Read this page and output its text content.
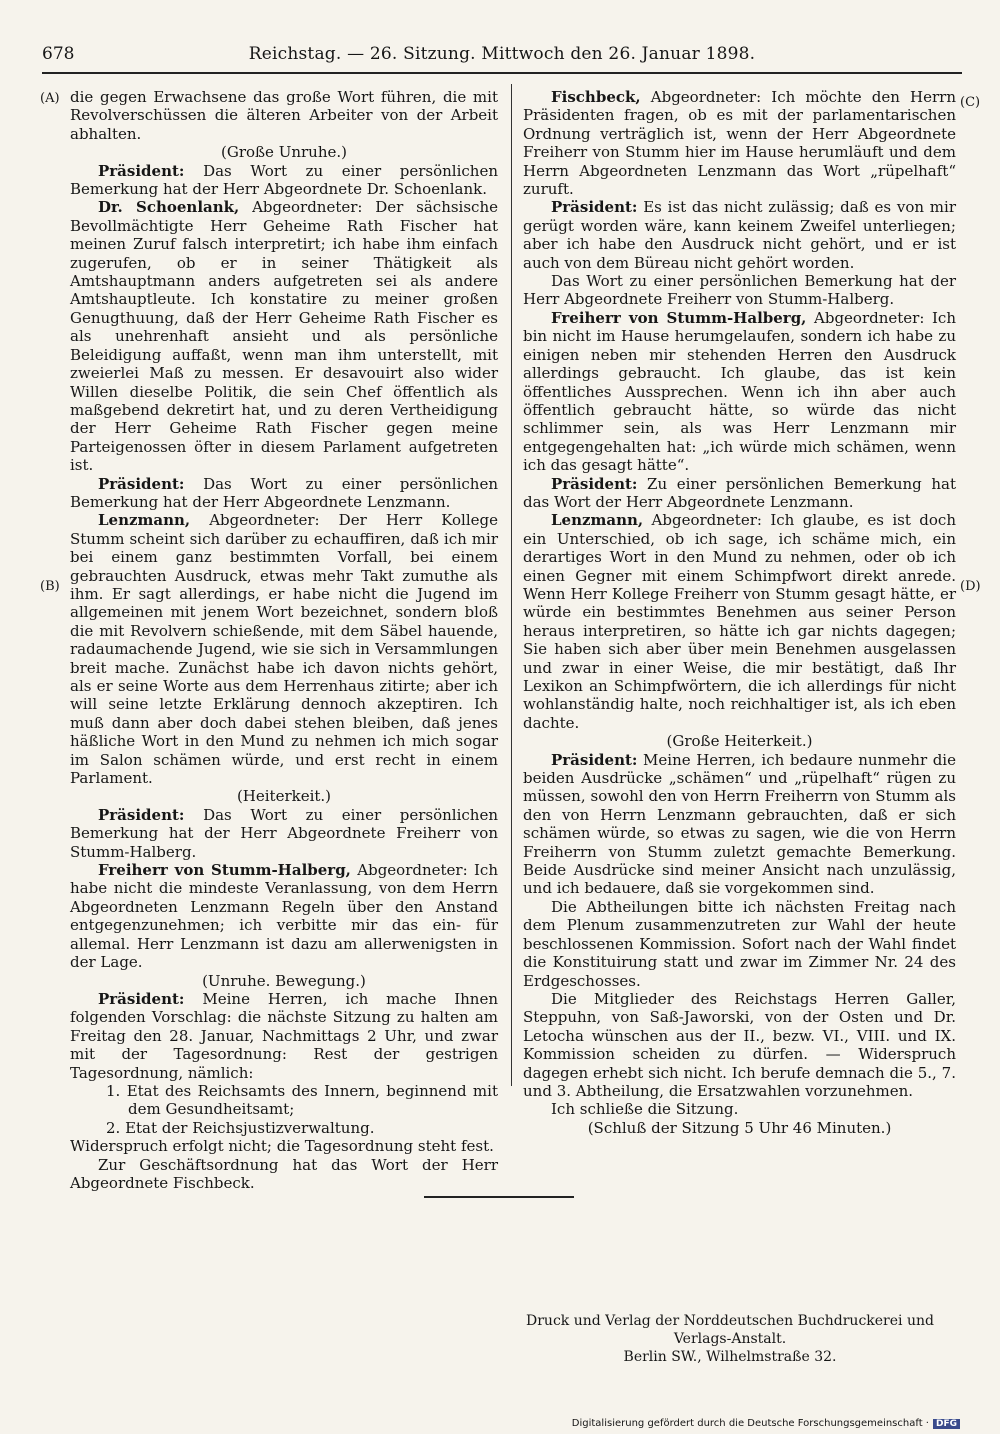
678	Reichstag. — 26. Sitzung. Mittwoch den 26. Januar 1898.
(A)
(B)
(C)
(D)

die gegen Erwachsene das große Wort führen, die mit Revolverschüssen die älteren Arbeiter von der Arbeit abhalten.

(Große Unruhe.)

Präsident: Das Wort zu einer persönlichen Bemerkung hat der Herr Abgeordnete Dr. Schoenlank.

Dr. Schoenlank, Abgeordneter: Der sächsische Bevollmächtigte Herr Geheime Rath Fischer hat meinen Zuruf falsch interpretirt; ich habe ihm einfach zugerufen, ob er in seiner Thätigkeit als Amtshauptmann anders aufgetreten sei als andere Amtshauptleute. Ich konstatire zu meiner großen Genugthuung, daß der Herr Geheime Rath Fischer es als unehrenhaft ansieht und als persönliche Beleidigung auffaßt, wenn man ihm unterstellt, mit zweierlei Maß zu messen. Er desavouirt also wider Willen dieselbe Politik, die sein Chef öffentlich als maßgebend dekretirt hat, und zu deren Vertheidigung der Herr Geheime Rath Fischer gegen meine Parteigenossen öfter in diesem Parlament aufgetreten ist.

Präsident: Das Wort zu einer persönlichen Bemerkung hat der Herr Abgeordnete Lenzmann.

Lenzmann, Abgeordneter: Der Herr Kollege Stumm scheint sich darüber zu echauffiren, daß ich mir bei einem ganz bestimmten Vorfall, bei einem gebrauchten Ausdruck, etwas mehr Takt zumuthe als ihm. Er sagt allerdings, er habe nicht die Jugend im allgemeinen mit jenem Wort bezeichnet, sondern bloß die mit Revolvern schießende, mit dem Säbel hauende, radaumachende Jugend, wie sie sich in Versammlungen breit mache. Zunächst habe ich davon nichts gehört, als er seine Worte aus dem Herrenhaus zitirte; aber ich will seine letzte Erklärung dennoch akzeptiren. Ich muß dann aber doch dabei stehen bleiben, daß jenes häßliche Wort in den Mund zu nehmen ich mich sogar im Salon schämen würde, und erst recht in einem Parlament.

(Heiterkeit.)

Präsident: Das Wort zu einer persönlichen Bemerkung hat der Herr Abgeordnete Freiherr von Stumm-Halberg.

Freiherr von Stumm-Halberg, Abgeordneter: Ich habe nicht die mindeste Veranlassung, von dem Herrn Abgeordneten Lenzmann Regeln über den Anstand entgegenzunehmen; ich verbitte mir das ein- für allemal. Herr Lenzmann ist dazu am allerwenigsten in der Lage.

(Unruhe. Bewegung.)

Präsident: Meine Herren, ich mache Ihnen folgenden Vorschlag: die nächste Sitzung zu halten am Freitag den 28. Januar, Nachmittags 2 Uhr, und zwar mit der Tagesordnung: Rest der gestrigen Tagesordnung, nämlich:

1. Etat des Reichsamts des Innern, beginnend mit dem Gesundheitsamt;

2. Etat der Reichsjustizverwaltung.

Widerspruch erfolgt nicht; die Tagesordnung steht fest.

Zur Geschäftsordnung hat das Wort der Herr Abgeordnete Fischbeck.

Fischbeck, Abgeordneter: Ich möchte den Herrn Präsidenten fragen, ob es mit der parlamentarischen Ordnung verträglich ist, wenn der Herr Abgeordnete Freiherr von Stumm hier im Hause herumläuft und dem Herrn Abgeordneten Lenzmann das Wort „rüpelhaft“ zuruft.

Präsident: Es ist das nicht zulässig; daß es von mir gerügt worden wäre, kann keinem Zweifel unterliegen; aber ich habe den Ausdruck nicht gehört, und er ist auch von dem Büreau nicht gehört worden.

Das Wort zu einer persönlichen Bemerkung hat der Herr Abgeordnete Freiherr von Stumm-Halberg.

Freiherr von Stumm-Halberg, Abgeordneter: Ich bin nicht im Hause herumgelaufen, sondern ich habe zu einigen neben mir stehenden Herren den Ausdruck allerdings gebraucht. Ich glaube, das ist kein öffentliches Aussprechen. Wenn ich ihn aber auch öffentlich gebraucht hätte, so würde das nicht schlimmer sein, als was Herr Lenzmann mir entgegengehalten hat: „ich würde mich schämen, wenn ich das gesagt hätte“.

Präsident: Zu einer persönlichen Bemerkung hat das Wort der Herr Abgeordnete Lenzmann.

Lenzmann, Abgeordneter: Ich glaube, es ist doch ein Unterschied, ob ich sage, ich schäme mich, ein derartiges Wort in den Mund zu nehmen, oder ob ich einen Gegner mit einem Schimpfwort direkt anrede. Wenn Herr Kollege Freiherr von Stumm gesagt hätte, er würde ein bestimmtes Benehmen aus seiner Person heraus interpretiren, so hätte ich gar nichts dagegen; Sie haben sich aber über mein Benehmen ausgelassen und zwar in einer Weise, die mir bestätigt, daß Ihr Lexikon an Schimpfwörtern, die ich allerdings für nicht wohlanständig halte, noch reichhaltiger ist, als ich eben dachte.

(Große Heiterkeit.)

Präsident: Meine Herren, ich bedaure nunmehr die beiden Ausdrücke „schämen“ und „rüpelhaft“ rügen zu müssen, sowohl den von Herrn Freiherrn von Stumm als den von Herrn Lenzmann gebrauchten, daß er sich schämen würde, so etwas zu sagen, wie die von Herrn Freiherrn von Stumm zuletzt gemachte Bemerkung. Beide Ausdrücke sind meiner Ansicht nach unzulässig, und ich bedauere, daß sie vorgekommen sind.

Die Abtheilungen bitte ich nächsten Freitag nach dem Plenum zusammenzutreten zur Wahl der heute beschlossenen Kommission. Sofort nach der Wahl findet die Konstituirung statt und zwar im Zimmer Nr. 24 des Erdgeschosses.

Die Mitglieder des Reichstags Herren Galler, Steppuhn, von Saß-Jaworski, von der Osten und Dr. Letocha wünschen aus der II., bezw. VI., VIII. und IX. Kommission scheiden zu dürfen. — Widerspruch dagegen erhebt sich nicht. Ich berufe demnach die 5., 7. und 3. Abtheilung, die Ersatzwahlen vorzunehmen.

Ich schließe die Sitzung.

(Schluß der Sitzung 5 Uhr 46 Minuten.)

Druck und Verlag der Norddeutschen Buchdruckerei und Verlags-Anstalt.
Berlin SW., Wilhelmstraße 32.
Digitalisierung gefördert durch die Deutsche Forschungsgemeinschaft · DFG
